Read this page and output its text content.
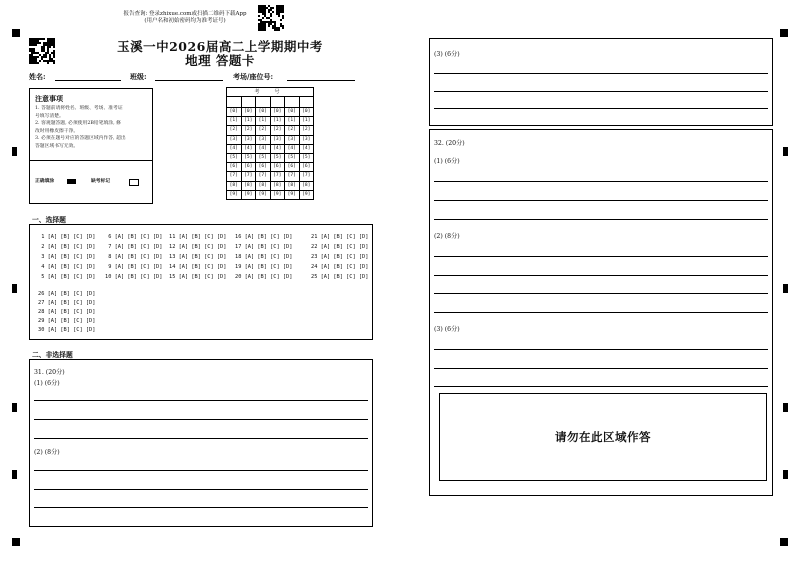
报告查询: 登录zhixue.com或扫描二维码下载App
(用户名和初始密码均为准考证号)
玉溪一中2026届高二上学期期中考
地理 答题卡
姓名:	班级:	考场/座位号:
注意事项
1. 答题前请将姓名、班级、考场、准考证
号填写清楚。
2. 客观题答题, 必须使用2B铅笔填涂, 修
改时用橡皮擦干净。
3. 必须在题号对应的答题区域内作答, 超出
答题区域书写无效。
正确填涂	缺考标记
考 号					

[0]	[0]	[0]	[0]	[0]	[0]
[1]	[1]	[1]	[1]	[1]	[1]
[2]	[2]	[2]	[2]	[2]	[2]
[3]	[3]	[3]	[3]	[3]	[3]
[4]	[4]	[4]	[4]	[4]	[4]
[5]	[5]	[5]	[5]	[5]	[5]
[6]	[6]	[6]	[6]	[6]	[6]
[7]	[7]	[7]	[7]	[7]	[7]
[8]	[8]	[8]	[8]	[8]	[8]
[9]	[9]	[9]	[9]	[9]	[9]
一、选择题
1 [A] [B] [C] [D]
2 [A] [B] [C] [D]
3 [A] [B] [C] [D]
4 [A] [B] [C] [D]
5 [A] [B] [C] [D]
6 [A] [B] [C] [D]
7 [A] [B] [C] [D]
8 [A] [B] [C] [D]
9 [A] [B] [C] [D]
10 [A] [B] [C] [D]
11 [A] [B] [C] [D]
12 [A] [B] [C] [D]
13 [A] [B] [C] [D]
14 [A] [B] [C] [D]
15 [A] [B] [C] [D]
16 [A] [B] [C] [D]
17 [A] [B] [C] [D]
18 [A] [B] [C] [D]
19 [A] [B] [C] [D]
20 [A] [B] [C] [D]
21 [A] [B] [C] [D]
22 [A] [B] [C] [D]
23 [A] [B] [C] [D]
24 [A] [B] [C] [D]
25 [A] [B] [C] [D]
26 [A] [B] [C] [D]
27 [A] [B] [C] [D]
28 [A] [B] [C] [D]
29 [A] [B] [C] [D]
30 [A] [B] [C] [D]
二、非选择题
31. (20分)
(1) (6分)
(2) (8分)
(3) (6分)
32. (20分)
(1) (6分)
(2) (8分)
(3) (6分)
请勿在此区域作答
